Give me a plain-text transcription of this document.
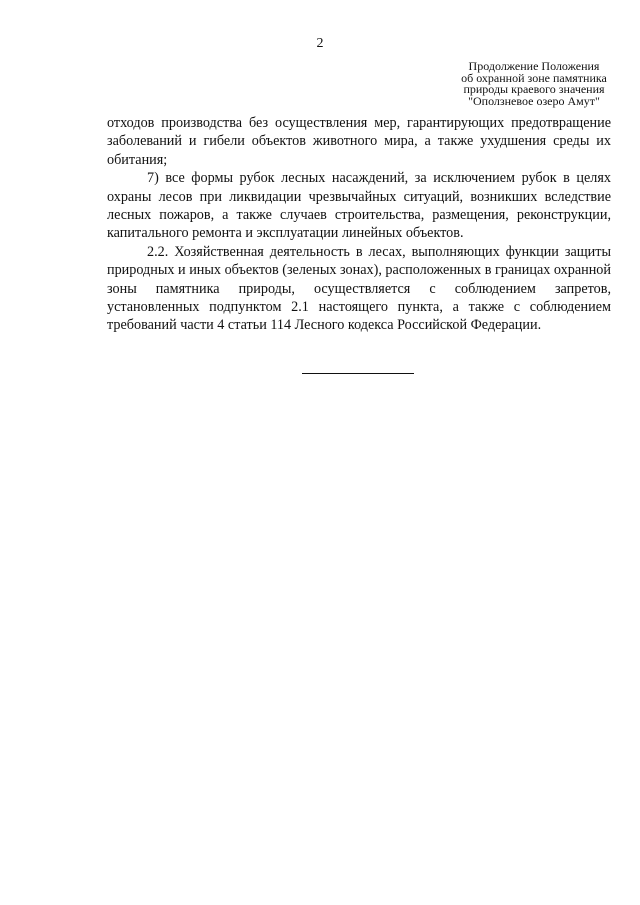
2
Продолжение Положения
об охранной зоне памятника
природы краевого значения
"Оползневое озеро Амут"

отходов производства без осуществления мер, гарантирующих предотвращение заболеваний и гибели объектов животного мира, а также ухудшения среды их обитания;

7) все формы рубок лесных насаждений, за исключением рубок в целях охраны лесов при ликвидации чрезвычайных ситуаций, возникших вследствие лесных пожаров, а также случаев строительства, размещения, реконструкции, капитального ремонта и эксплуатации линейных объектов.

2.2. Хозяйственная деятельность в лесах, выполняющих функции защиты природных и иных объектов (зеленых зонах), расположенных в границах охранной зоны памятника природы, осуществляется с соблюдением запретов, установленных подпунктом 2.1 настоящего пункта, а также с соблюдением требований части 4 статьи 114 Лесного кодекса Российской Федерации.
